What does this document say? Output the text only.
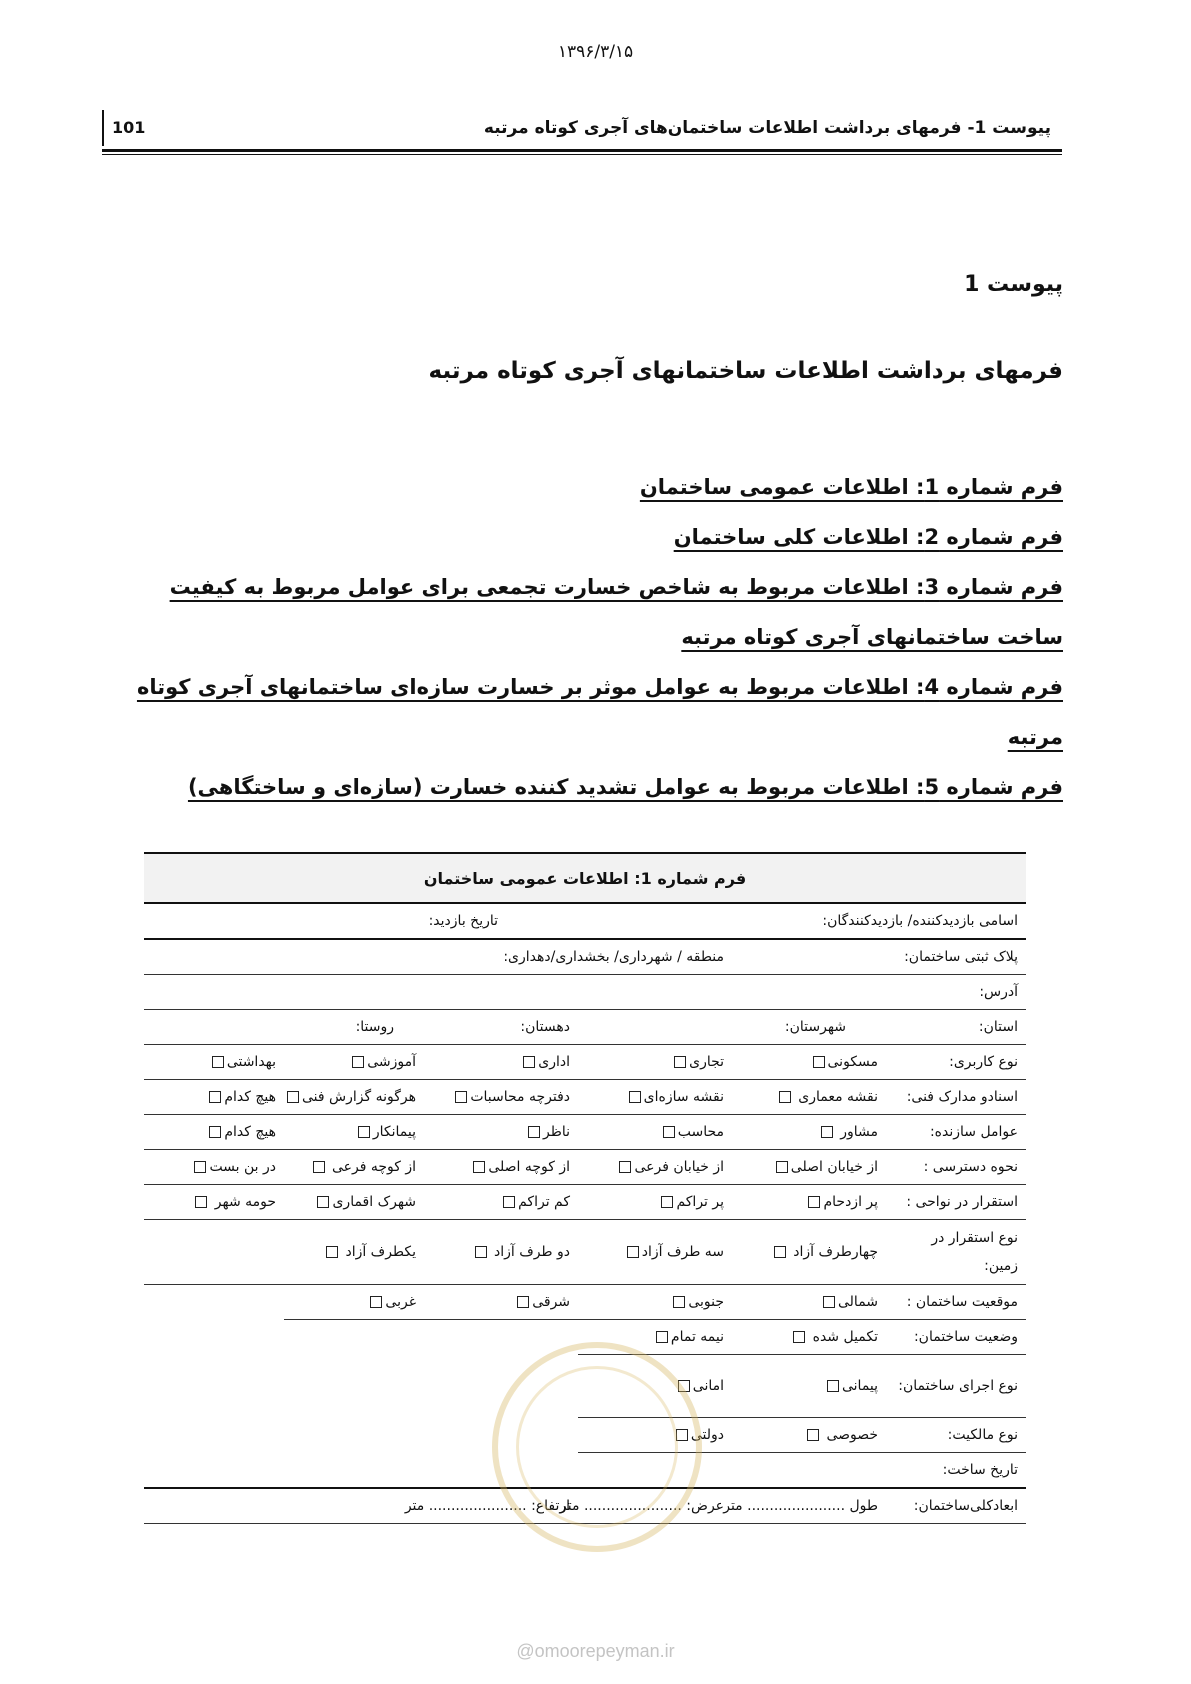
۱۳۹۶/۳/۱۵
پیوست 1- فرمهای برداشت اطلاعات ساختمان‌های آجری کوتاه مرتبه
101
پیوست 1
فرمهای برداشت اطلاعات ساختمانهای آجری کوتاه مرتبه
فرم شماره 1: اطلاعات عمومی ساختمان
فرم شماره 2: اطلاعات کلی ساختمان
فرم شماره 3: اطلاعات مربوط به شاخص خسارت تجمعی برای عوامل مربوط به کیفیت ساخت ساختمانهای آجری کوتاه مرتبه
فرم شماره 4: اطلاعات مربوط به عوامل موثر بر خسارت سازه‌ای ساختمانهای آجری کوتاه مرتبه
فرم شماره 5: اطلاعات مربوط به عوامل تشدید کننده خسارت (سازه‌ای و ساختگاهی)
فرم شماره 1: اطلاعات عمومی ساختمان					
اسامی بازدیدکننده/ بازدیدکنندگان:			تاریخ بازدید:		
پلاک ثبتی ساختمان:		منطقه / شهرداری/ بخشداری/دهداری:			
آدرس:					
استان:	شهرستان:		دهستان:	روستا:	
نوع کاربری:	مسکونی	تجاری	اداری	آموزشی	بهداشتی
اسنادو مدارک فنی:	نقشه معماری	نقشه سازه‌ای	دفترچه محاسبات	هرگونه گزارش فنی	هیچ کدام
عوامل سازنده:	مشاور	محاسب	ناظر	پیمانکار	هیچ کدام
نحوه دسترسی :	از خیابان اصلی	از خیابان فرعی	از کوچه اصلی	از کوچه فرعی	در بن بست
استقرار در نواحی :	پر ازدحام	پر تراکم	کم تراکم	شهرک اقماری	حومه شهر
نوع استقرار در زمین:	چهارطرف آزاد	سه طرف آزاد	دو طرف آزاد	یکطرف آزاد	
موقعیت ساختمان :	شمالی	جنوبی	شرقی	غربی	
وضعیت ساختمان:	تکمیل شده	نیمه تمام			
نوع اجرای ساختمان:	پیمانی	امانی			
نوع مالکیت:	خصوصی	دولتی			
تاریخ ساخت:					
ابعادکلی‌ساختمان:	طول ...................... متر	عرض: ...................... متر	ارتفاع: ...................... متر		
@omoorepeyman.ir
